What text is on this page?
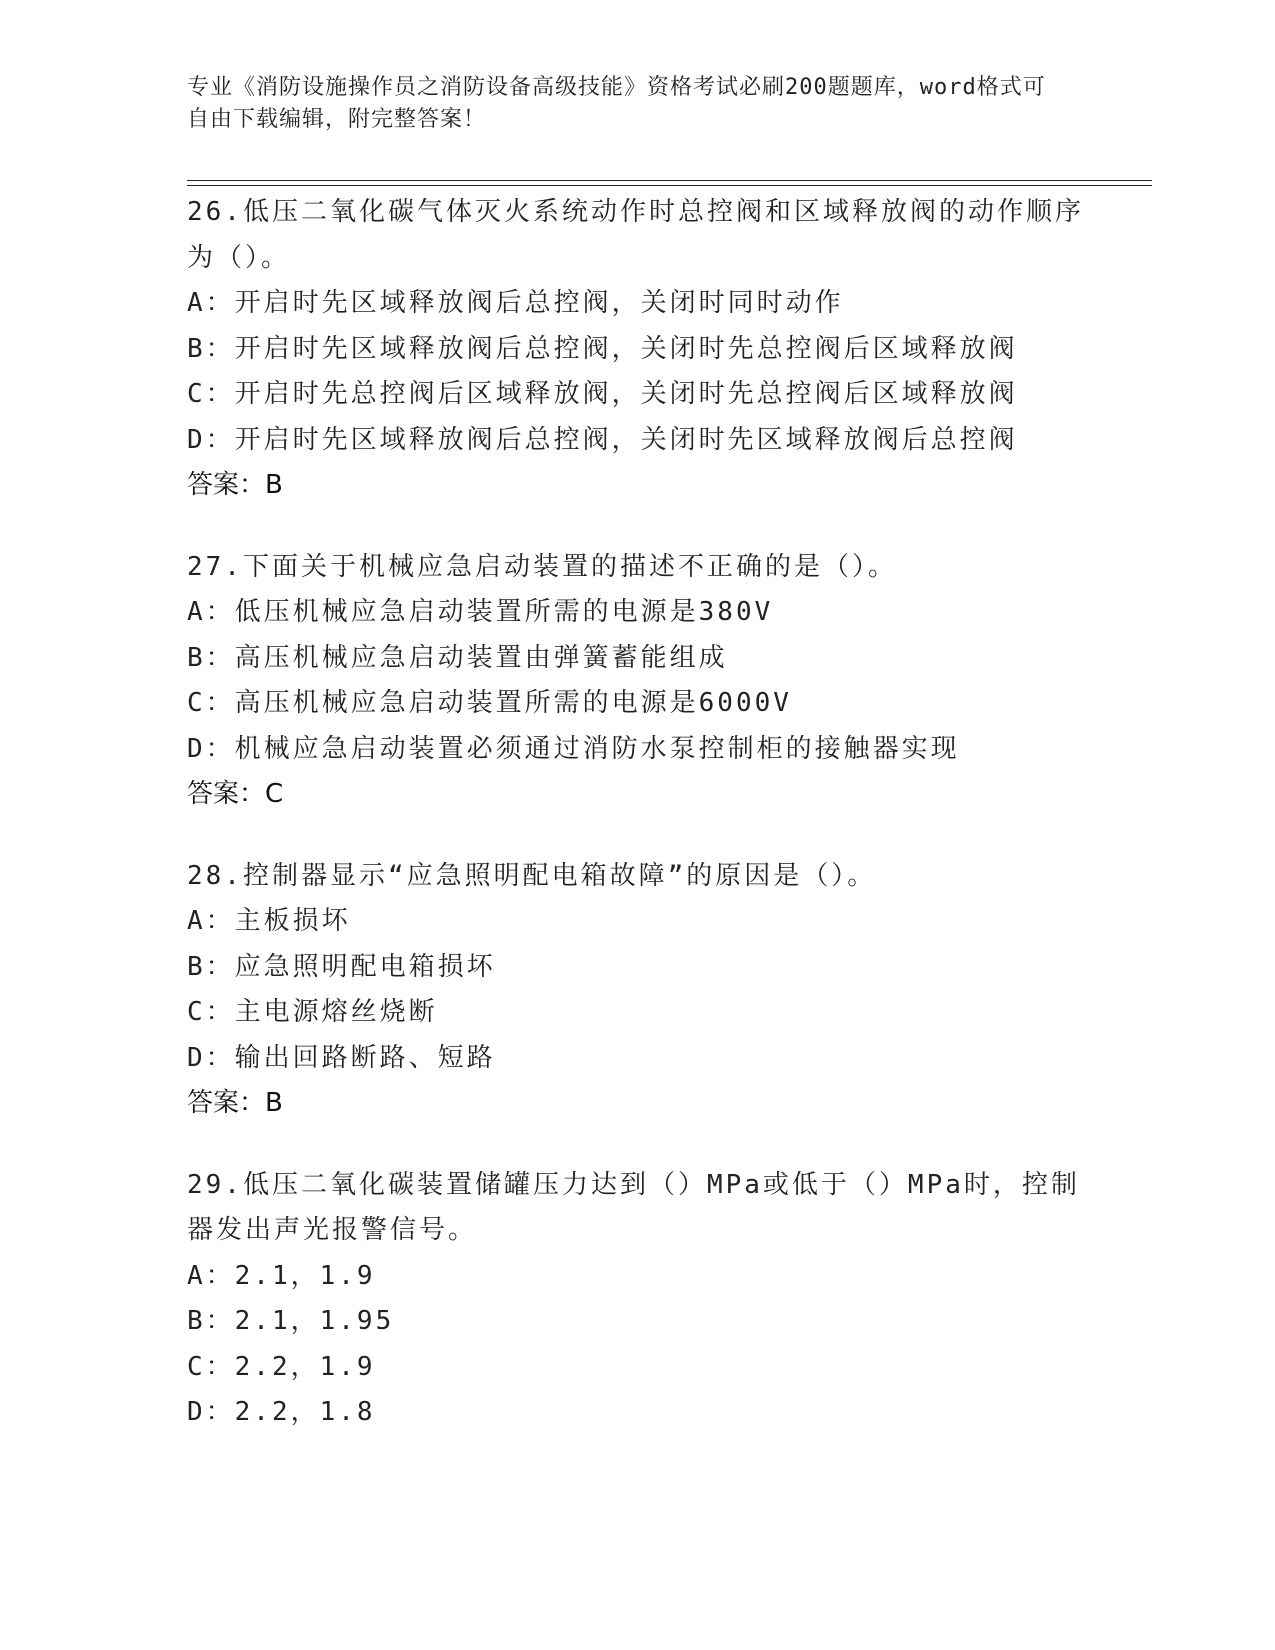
专业《消防设施操作员之消防设备高级技能》资格考试必刷200题题库，word格式可自由下载编辑，附完整答案！
26.低压二氧化碳气体灭火系统动作时总控阀和区域释放阀的动作顺序为（）。
A：开启时先区域释放阀后总控阀，关闭时同时动作
B：开启时先区域释放阀后总控阀，关闭时先总控阀后区域释放阀
C：开启时先总控阀后区域释放阀，关闭时先总控阀后区域释放阀
D：开启时先区域释放阀后总控阀，关闭时先区域释放阀后总控阀
答案：B
27.下面关于机械应急启动装置的描述不正确的是（）。
A：低压机械应急启动装置所需的电源是380V
B：高压机械应急启动装置由弹簧蓄能组成
C：高压机械应急启动装置所需的电源是6000V
D：机械应急启动装置必须通过消防水泵控制柜的接触器实现
答案：C
28.控制器显示“应急照明配电箱故障”的原因是（）。
A：主板损坏
B：应急照明配电箱损坏
C：主电源熔丝烧断
D：输出回路断路、短路
答案：B
29.低压二氧化碳装置储罐压力达到（）MPa或低于（）MPa时，控制器发出声光报警信号。
A：2.1，1.9
B：2.1，1.95
C：2.2，1.9
D：2.2，1.8
